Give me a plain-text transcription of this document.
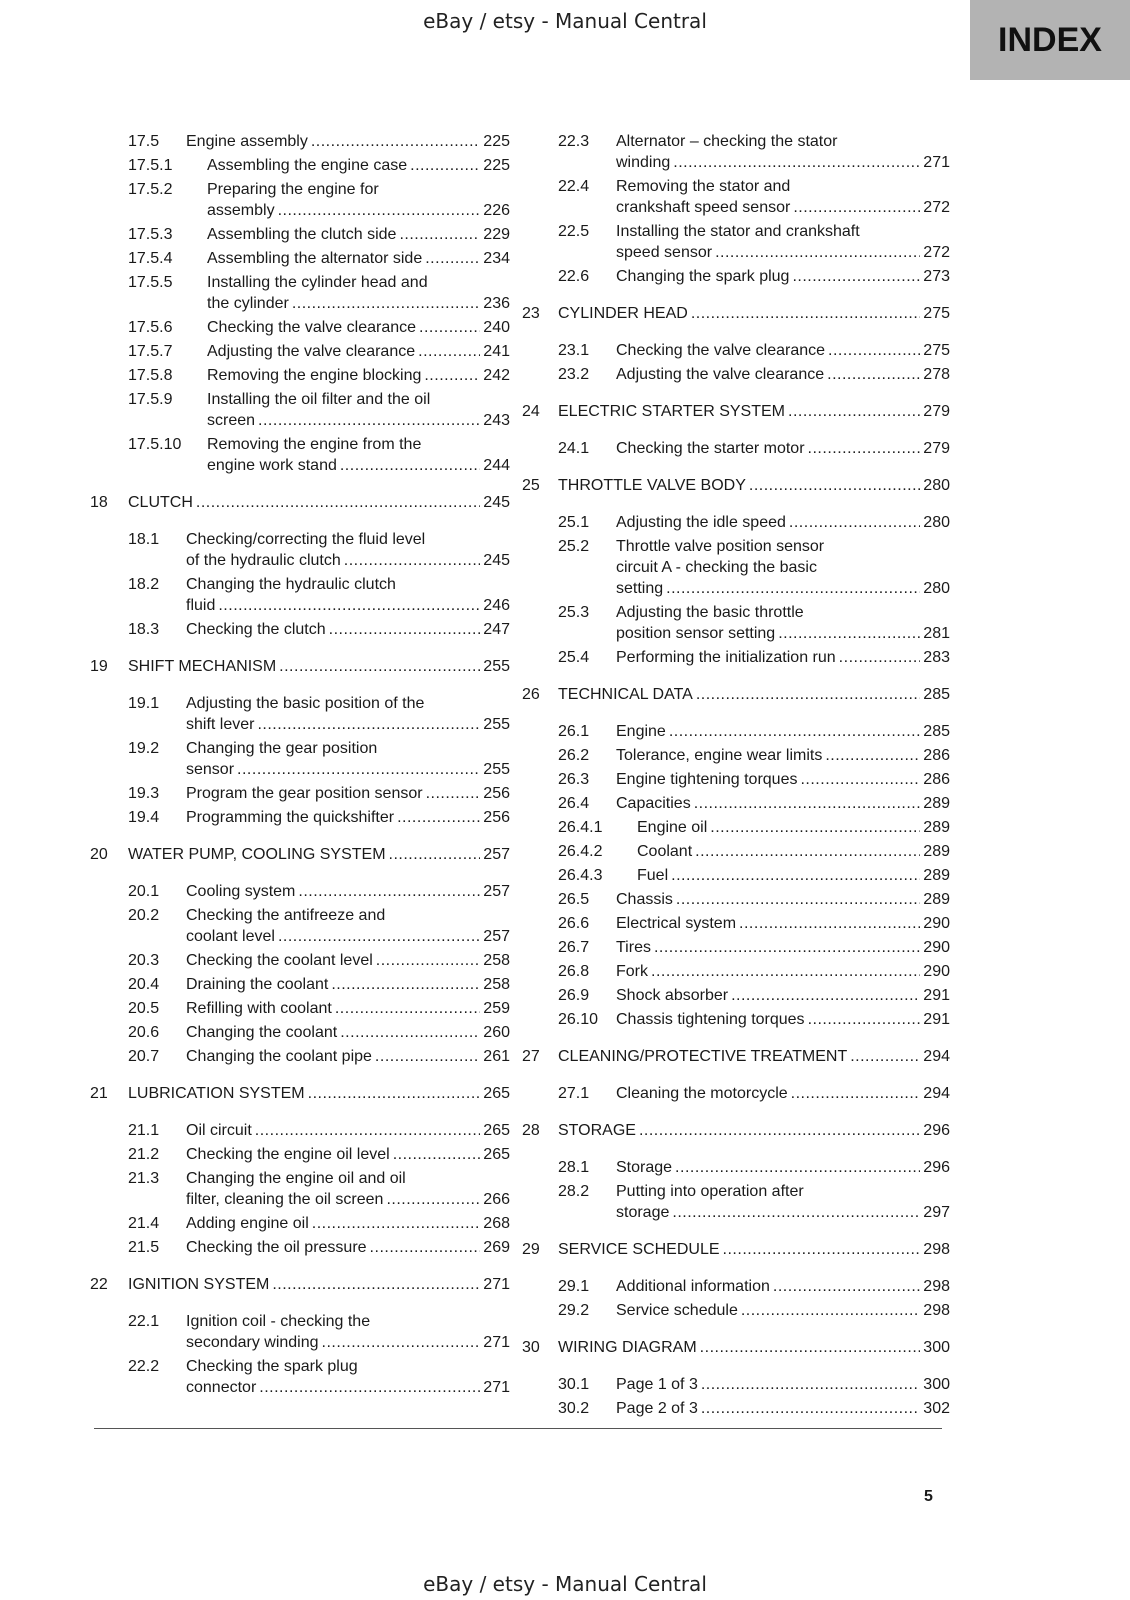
eBay / etsy - Manual Central	INDEX
17.5 Engine assembly .....	225
17.5.1 Assembling the engine case .....	225
17.5.2 Preparing the engine for
assembly .....	226
17.5.3 Assembling the clutch side .....	229
17.5.4 Assembling the alternator side .....	234
17.5.5 Installing the cylinder head and
the cylinder .....	236
17.5.6 Checking the valve clearance .....	240
17.5.7 Adjusting the valve clearance .....	241
17.5.8 Removing the engine blocking .....	242
17.5.9 Installing the oil filter and the oil
screen .....	243
17.5.10 Removing the engine from the
engine work stand .....	244
18 CLUTCH .....	245
18.1 Checking/correcting the fluid level
of the hydraulic clutch .....	245
18.2 Changing the hydraulic clutch
fluid .....	246
18.3 Checking the clutch .....	247
19 SHIFT MECHANISM .....	255
19.1 Adjusting the basic position of the
shift lever .....	255
19.2 Changing the gear position
sensor .....	255
19.3 Program the gear position sensor .....	256
19.4 Programming the quickshifter .....	256
20 WATER PUMP, COOLING SYSTEM .....	257
20.1 Cooling system .....	257
20.2 Checking the antifreeze and
coolant level .....	257
20.3 Checking the coolant level .....	258
20.4 Draining the coolant .....	258
20.5 Refilling with coolant .....	259
20.6 Changing the coolant .....	260
20.7 Changing the coolant pipe .....	261
21 LUBRICATION SYSTEM .....	265
21.1 Oil circuit .....	265
21.2 Checking the engine oil level .....	265
21.3 Changing the engine oil and oil
filter, cleaning the oil screen .....	266
21.4 Adding engine oil .....	268
21.5 Checking the oil pressure .....	269
22 IGNITION SYSTEM .....	271
22.1 Ignition coil - checking the
secondary winding .....	271
22.2 Checking the spark plug
connector .....	271
22.3 Alternator – checking the stator
winding .....	271
22.4 Removing the stator and
crankshaft speed sensor .....	272
22.5 Installing the stator and crankshaft
speed sensor .....	272
22.6 Changing the spark plug .....	273
23 CYLINDER HEAD .....	275
23.1 Checking the valve clearance .....	275
23.2 Adjusting the valve clearance .....	278
24 ELECTRIC STARTER SYSTEM .....	279
24.1 Checking the starter motor .....	279
25 THROTTLE VALVE BODY .....	280
25.1 Adjusting the idle speed .....	280
25.2 Throttle valve position sensor
circuit A - checking the basic
setting .....	280
25.3 Adjusting the basic throttle
position sensor setting .....	281
25.4 Performing the initialization run .....	283
26 TECHNICAL DATA .....	285
26.1 Engine .....	285
26.2 Tolerance, engine wear limits .....	286
26.3 Engine tightening torques .....	286
26.4 Capacities .....	289
26.4.1 Engine oil .....	289
26.4.2 Coolant .....	289
26.4.3 Fuel .....	289
26.5 Chassis .....	289
26.6 Electrical system .....	290
26.7 Tires .....	290
26.8 Fork .....	290
26.9 Shock absorber .....	291
26.10 Chassis tightening torques .....	291
27 CLEANING/PROTECTIVE TREATMENT .....	294
27.1 Cleaning the motorcycle .....	294
28 STORAGE .....	296
28.1 Storage .....	296
28.2 Putting into operation after
storage .....	297
29 SERVICE SCHEDULE .....	298
29.1 Additional information .....	298
29.2 Service schedule .....	298
30 WIRING DIAGRAM .....	300
30.1 Page 1 of 3 .....	300
30.2 Page 2 of 3 .....	302
5
eBay / etsy - Manual Central
